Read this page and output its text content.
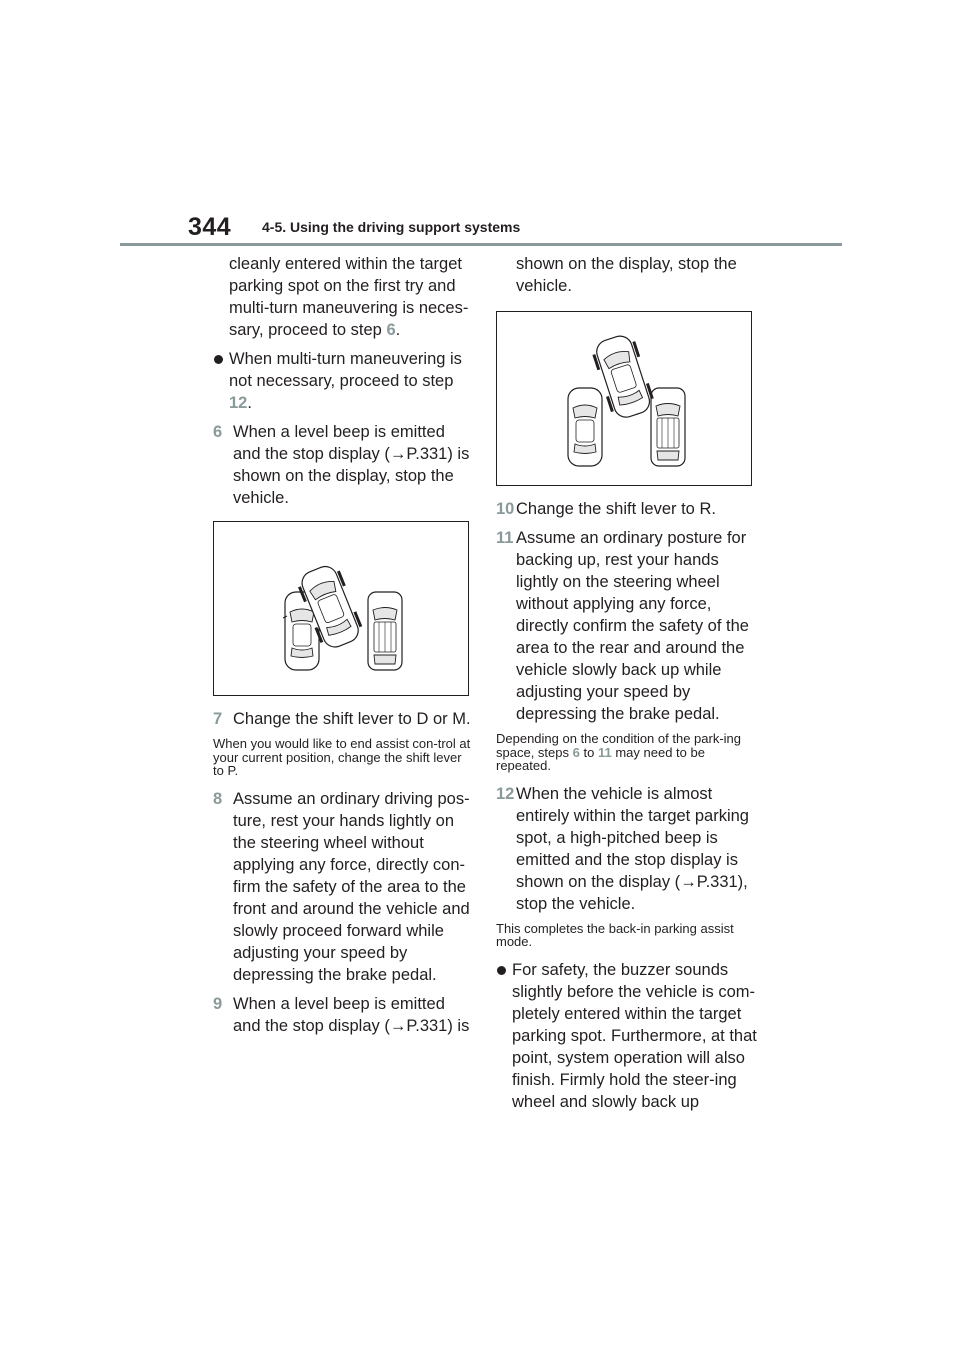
344 4-5. Using the driving support systems

cleanly entered within the target parking spot on the first try and multi-turn maneuvering is neces-sary, proceed to step 6.

When multi-turn maneuvering is not necessary, proceed to step
12.
6 When a level beep is emitted and the stop display (→P.331) is shown on the display, stop the vehicle.
7 Change the shift lever to D or M.

When you would like to end assist con-trol at your current position, change the shift lever to P.

8 Assume an ordinary driving pos-ture, rest your hands lightly on the steering wheel without applying any force, directly con-firm the safety of the area to the front and around the vehicle and slowly proceed forward while adjusting your speed by depressing the brake pedal.
9 When a level beep is emitted and the stop display (→P.331) is

shown on the display, stop the vehicle.

10 Change the shift lever to R.
11 Assume an ordinary posture for backing up, rest your hands lightly on the steering wheel without applying any force, directly confirm the safety of the area to the rear and around the vehicle slowly back up while adjusting your speed by depressing the brake pedal.

Depending on the condition of the park-ing space, steps 6 to 11 may need to be repeated.

12 When the vehicle is almost entirely within the target parking spot, a high-pitched beep is emitted and the stop display is shown on the display (→P.331), stop the vehicle.

This completes the back-in parking assist mode.

For safety, the buzzer sounds slightly before the vehicle is com-pletely entered within the target parking spot. Furthermore, at that point, system operation will also finish. Firmly hold the steer-ing wheel and slowly back up
